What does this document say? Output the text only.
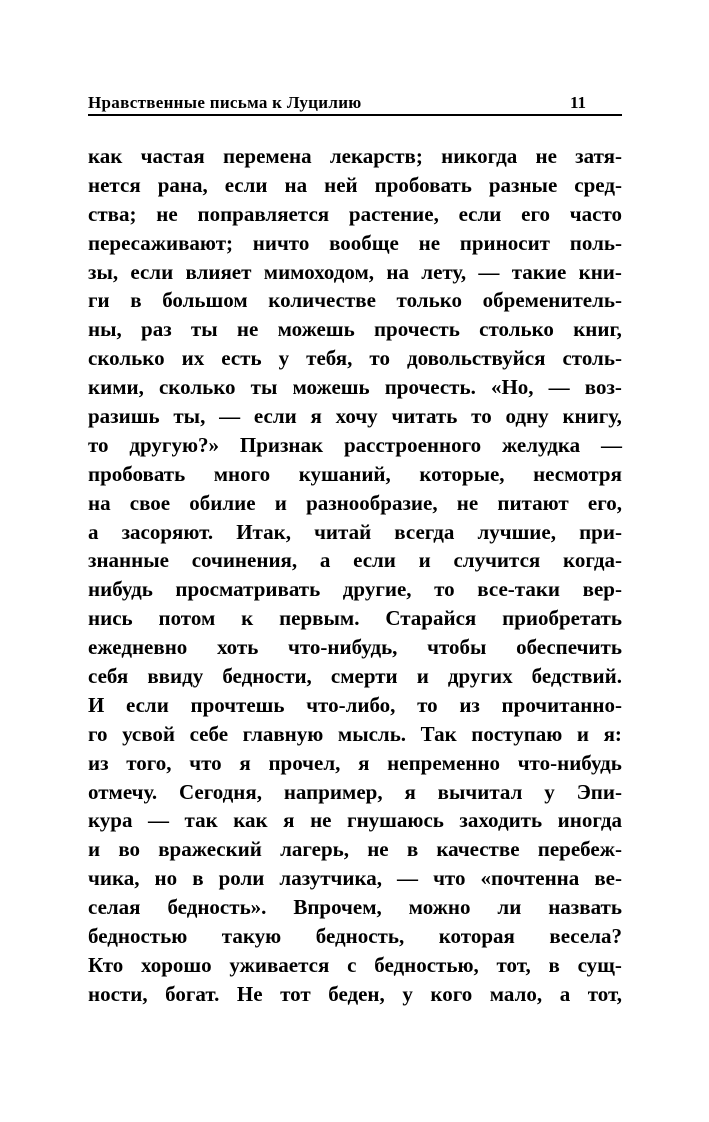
Нравственные письма к Луцилию	11
как частая перемена лекарств; никогда не затя-
нется рана, если на ней пробовать разные сред-
ства; не поправляется растение, если его часто
пересаживают; ничто вообще не приносит поль-
зы, если влияет мимоходом, на лету, — такие кни-
ги в большом количестве только обременитель-
ны, раз ты не можешь прочесть столько книг,
сколько их есть у тебя, то довольствуйся столь-
кими, сколько ты можешь прочесть. «Но, — воз-
разишь ты, — если я хочу читать то одну книгу,
то другую?» Признак расстроенного желудка —
пробовать много кушаний, которые, несмотря
на свое обилие и разнообразие, не питают его,
а засоряют. Итак, читай всегда лучшие, при-
знанные сочинения, а если и случится когда-
нибудь просматривать другие, то все-таки вер-
нись потом к первым. Старайся приобретать
ежедневно хоть что-нибудь, чтобы обеспечить
себя ввиду бедности, смерти и других бедствий.
И если прочтешь что-либо, то из прочитанно-
го усвой себе главную мысль. Так поступаю и я:
из того, что я прочел, я непременно что-нибудь
отмечу. Сегодня, например, я вычитал у Эпи-
кура — так как я не гнушаюсь заходить иногда
и во вражеский лагерь, не в качестве перебеж-
чика, но в роли лазутчика, — что «почтенна ве-
селая бедность». Впрочем, можно ли назвать
бедностью такую бедность, которая весела?
Кто хорошо уживается с бедностью, тот, в сущ-
ности, богат. Не тот беден, у кого мало, а тот,
